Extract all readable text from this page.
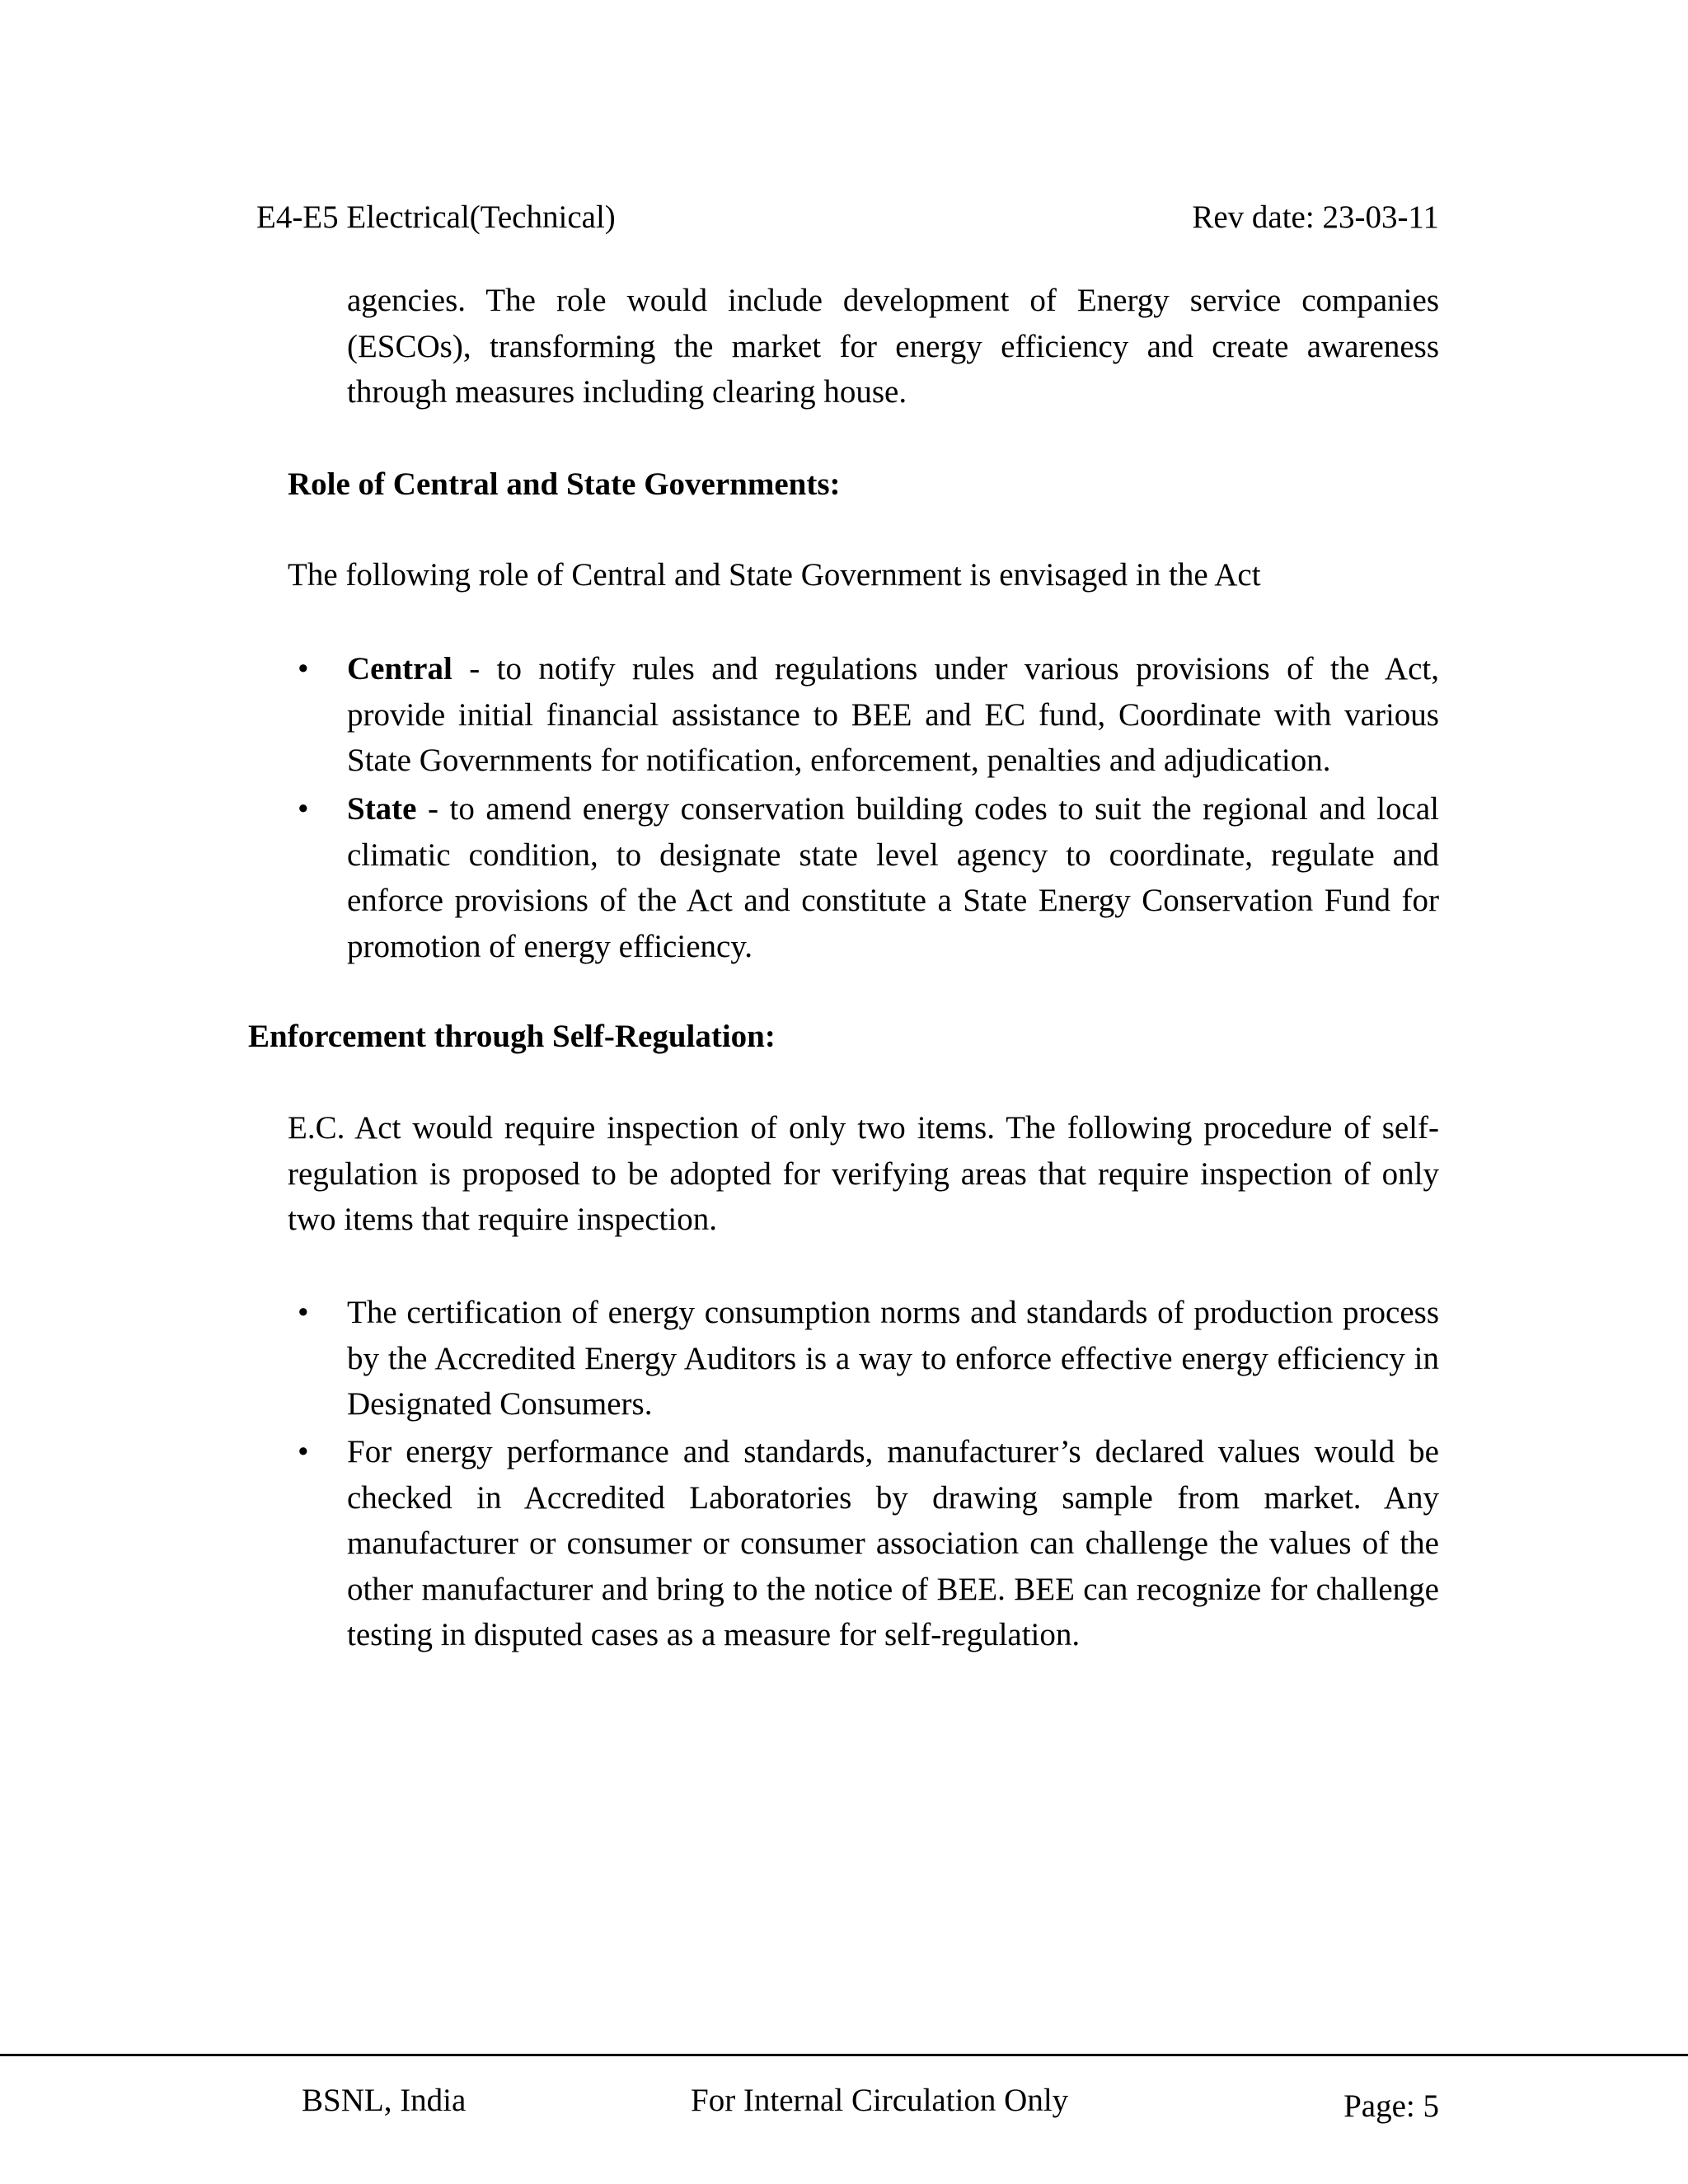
E4-E5 Electrical(Technical)	Rev date: 23-03-11
agencies. The role would include development of Energy service companies (ESCOs), transforming the market for energy efficiency and create awareness through measures including clearing house.
Role of Central and State Governments:
The following role of Central and State Government is envisaged in the Act
• Central - to notify rules and regulations under various provisions of the Act, provide initial financial assistance to BEE and EC fund, Coordinate with various State Governments for notification, enforcement, penalties and adjudication.
• State - to amend energy conservation building codes to suit the regional and local climatic condition, to designate state level agency to coordinate, regulate and enforce provisions of the Act and constitute a State Energy Conservation Fund for promotion of energy efficiency.
Enforcement through Self-Regulation:
E.C. Act would require inspection of only two items. The following procedure of self-regulation is proposed to be adopted for verifying areas that require inspection of only two items that require inspection.
• The certification of energy consumption norms and standards of production process by the Accredited Energy Auditors is a way to enforce effective energy efficiency in Designated Consumers.
• For energy performance and standards, manufacturer’s declared values would be checked in Accredited Laboratories by drawing sample from market. Any manufacturer or consumer or consumer association can challenge the values of the other manufacturer and bring to the notice of BEE. BEE can recognize for challenge testing in disputed cases as a measure for self-regulation.
BSNL, India	For Internal Circulation Only	Page: 5
